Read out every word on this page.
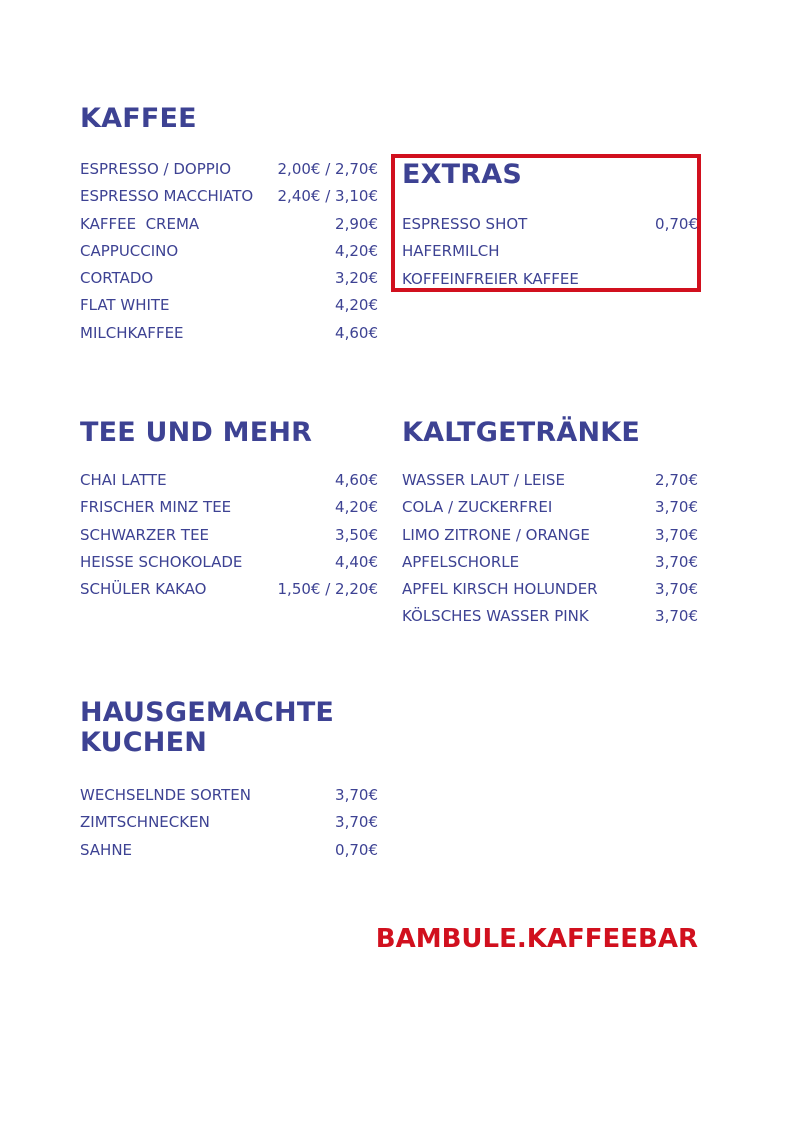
KAFFEE
ESPRESSO / DOPPIO	2,00€ / 2,70€
ESPRESSO MACCHIATO 2,40€ / 3,10€
KAFFEE  CREMA	2,90€
CAPPUCCINO	4,20€
CORTADO	3,20€
FLAT WHITE	4,20€
MILCHKAFFEE	4,60€
EXTRAS
ESPRESSO SHOT	0,70€
HAFERMILCH
KOFFEINFREIER KAFFEE
TEE UND MEHR
CHAI LATTE	4,60€
FRISCHER MINZ TEE	4,20€
SCHWARZER TEE	3,50€
HEISSE SCHOKOLADE	4,40€
SCHÜLER KAKAO	1,50€ / 2,20€
KALTGETRÄNKE
WASSER LAUT / LEISE	2,70€
COLA / ZUCKERFREI	3,70€
LIMO ZITRONE / ORANGE	3,70€
APFELSCHORLE	3,70€
APFEL KIRSCH HOLUNDER	3,70€
KÖLSCHES WASSER PINK	3,70€
HAUSGEMACHTE
KUCHEN
WECHSELNDE SORTEN	3,70€
ZIMTSCHNECKEN	3,70€
SAHNE	0,70€
BAMBULE.KAFFEEBAR
